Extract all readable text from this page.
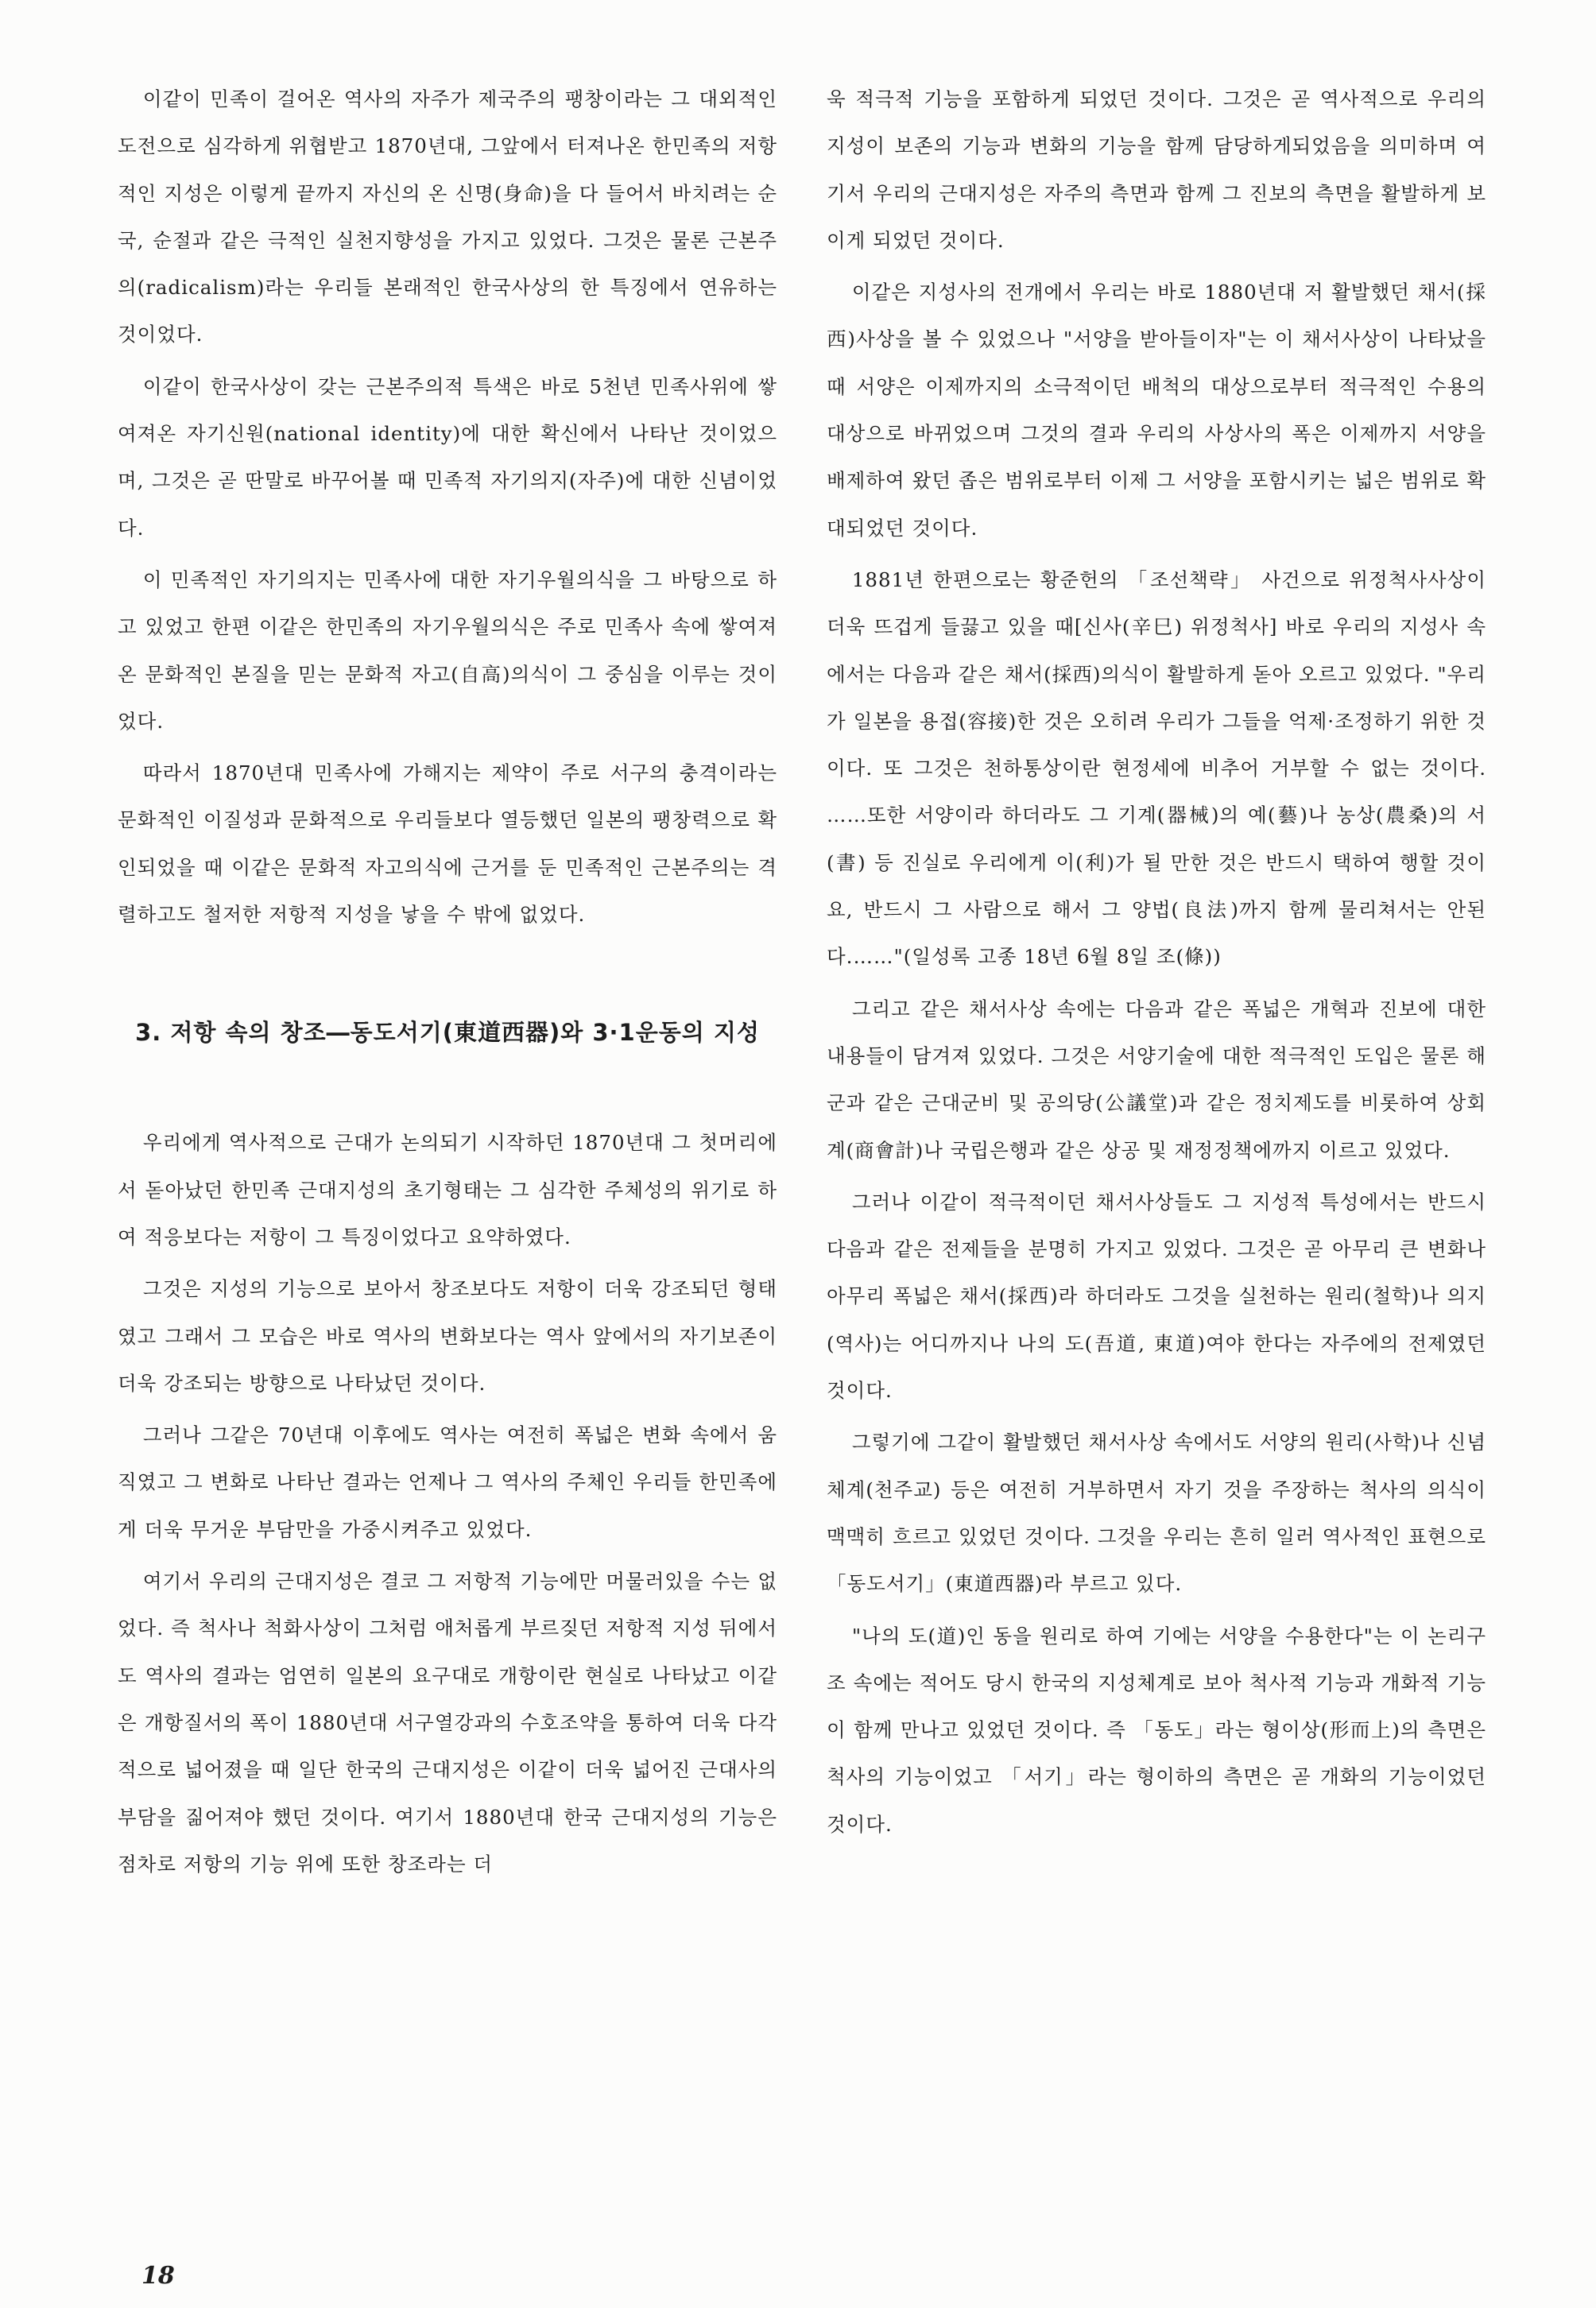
이같이 민족이 걸어온 역사의 자주가 제국주의 팽창이라는 그 대외적인 도전으로 심각하게 위협받고 1870년대, 그앞에서 터져나온 한민족의 저항적인 지성은 이렇게 끝까지 자신의 온 신명(身命)을 다 들어서 바치려는 순국, 순절과 같은 극적인 실천지향성을 가지고 있었다. 그것은 물론 근본주의(radicalism)라는 우리들 본래적인 한국사상의 한 특징에서 연유하는 것이었다.

이같이 한국사상이 갖는 근본주의적 특색은 바로 5천년 민족사위에 쌓여져온 자기신원(national identity)에 대한 확신에서 나타난 것이었으며, 그것은 곧 딴말로 바꾸어볼 때 민족적 자기의지(자주)에 대한 신념이었다.

이 민족적인 자기의지는 민족사에 대한 자기우월의식을 그 바탕으로 하고 있었고 한편 이같은 한민족의 자기우월의식은 주로 민족사 속에 쌓여져온 문화적인 본질을 믿는 문화적 자고(自高)의식이 그 중심을 이루는 것이었다.

따라서 1870년대 민족사에 가해지는 제약이 주로 서구의 충격이라는 문화적인 이질성과 문화적으로 우리들보다 열등했던 일본의 팽창력으로 확인되었을 때 이같은 문화적 자고의식에 근거를 둔 민족적인 근본주의는 격렬하고도 철저한 저항적 지성을 낳을 수 밖에 없었다.

3. 저항 속의 창조―동도서기(東道西器)와 3·1운동의 지성

우리에게 역사적으로 근대가 논의되기 시작하던 1870년대 그 첫머리에서 돋아났던 한민족 근대지성의 초기형태는 그 심각한 주체성의 위기로 하여 적응보다는 저항이 그 특징이었다고 요약하였다.

그것은 지성의 기능으로 보아서 창조보다도 저항이 더욱 강조되던 형태였고 그래서 그 모습은 바로 역사의 변화보다는 역사 앞에서의 자기보존이 더욱 강조되는 방향으로 나타났던 것이다.

그러나 그같은 70년대 이후에도 역사는 여전히 폭넓은 변화 속에서 움직였고 그 변화로 나타난 결과는 언제나 그 역사의 주체인 우리들 한민족에게 더욱 무거운 부담만을 가중시켜주고 있었다.

여기서 우리의 근대지성은 결코 그 저항적 기능에만 머물러있을 수는 없었다. 즉 척사나 척화사상이 그처럼 애처롭게 부르짖던 저항적 지성 뒤에서도 역사의 결과는 엄연히 일본의 요구대로 개항이란 현실로 나타났고 이같은 개항질서의 폭이 1880년대 서구열강과의 수호조약을 통하여 더욱 다각적으로 넓어졌을 때 일단 한국의 근대지성은 이같이 더욱 넓어진 근대사의 부담을 짊어져야 했던 것이다. 여기서 1880년대 한국 근대지성의 기능은 점차로 저항의 기능 위에 또한 창조라는 더

욱 적극적 기능을 포함하게 되었던 것이다. 그것은 곧 역사적으로 우리의 지성이 보존의 기능과 변화의 기능을 함께 담당하게되었음을 의미하며 여기서 우리의 근대지성은 자주의 측면과 함께 그 진보의 측면을 활발하게 보이게 되었던 것이다.

이같은 지성사의 전개에서 우리는 바로 1880년대 저 활발했던 채서(採西)사상을 볼 수 있었으나 "서양을 받아들이자"는 이 채서사상이 나타났을 때 서양은 이제까지의 소극적이던 배척의 대상으로부터 적극적인 수용의 대상으로 바뀌었으며 그것의 결과 우리의 사상사의 폭은 이제까지 서양을 배제하여 왔던 좁은 범위로부터 이제 그 서양을 포함시키는 넓은 범위로 확대되었던 것이다.

1881년 한편으로는 황준헌의 「조선책략」 사건으로 위정척사사상이 더욱 뜨겁게 들끓고 있을 때[신사(辛巳) 위정척사] 바로 우리의 지성사 속에서는 다음과 같은 채서(採西)의식이 활발하게 돋아 오르고 있었다. "우리가 일본을 용접(容接)한 것은 오히려 우리가 그들을 억제·조정하기 위한 것이다. 또 그것은 천하통상이란 현정세에 비추어 거부할 수 없는 것이다. ……또한 서양이라 하더라도 그 기계(器械)의 예(藝)나 농상(農桑)의 서(書) 등 진실로 우리에게 이(利)가 될 만한 것은 반드시 택하여 행할 것이요, 반드시 그 사람으로 해서 그 양법(良法)까지 함께 물리쳐서는 안된다.……"(일성록 고종 18년 6월 8일 조(條))

그리고 같은 채서사상 속에는 다음과 같은 폭넓은 개혁과 진보에 대한 내용들이 담겨져 있었다. 그것은 서양기술에 대한 적극적인 도입은 물론 해군과 같은 근대군비 및 공의당(公議堂)과 같은 정치제도를 비롯하여 상회계(商會計)나 국립은행과 같은 상공 및 재정정책에까지 이르고 있었다.

그러나 이같이 적극적이던 채서사상들도 그 지성적 특성에서는 반드시 다음과 같은 전제들을 분명히 가지고 있었다. 그것은 곧 아무리 큰 변화나 아무리 폭넓은 채서(採西)라 하더라도 그것을 실천하는 원리(철학)나 의지(역사)는 어디까지나 나의 도(吾道, 東道)여야 한다는 자주에의 전제였던 것이다.

그렇기에 그같이 활발했던 채서사상 속에서도 서양의 원리(사학)나 신념체계(천주교) 등은 여전히 거부하면서 자기 것을 주장하는 척사의 의식이 맥맥히 흐르고 있었던 것이다. 그것을 우리는 흔히 일러 역사적인 표현으로 「동도서기」(東道西器)라 부르고 있다.

"나의 도(道)인 동을 원리로 하여 기에는 서양을 수용한다"는 이 논리구조 속에는 적어도 당시 한국의 지성체계로 보아 척사적 기능과 개화적 기능이 함께 만나고 있었던 것이다. 즉 「동도」라는 형이상(形而上)의 측면은 척사의 기능이었고 「서기」라는 형이하의 측면은 곧 개화의 기능이었던 것이다.

18
